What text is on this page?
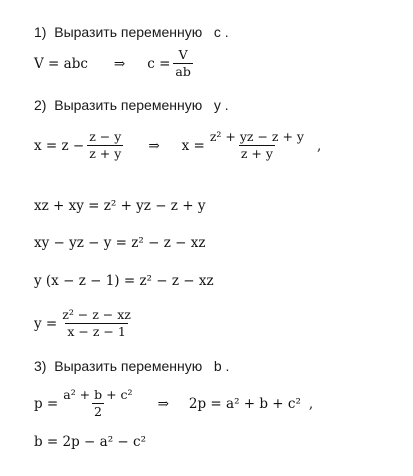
1)  Выразить переменную   c .
V = abc ⇒ $c = \frac{V}{ab}$
2)  Выразить переменную   y .
$x = z - \frac{z - y}{z + y}$ ⇒ $x = \frac{\text{z² + yz − z + y}}{z + y}$ ,
xz + xy = z² + yz − z + y
xy − yz − y = z² − z − xz
y (x − z − 1) = z² − z − xz
$y = \frac{\text{z² − z − xz}}{x - z - 1}$
3)  Выразить переменную   b .
$p = \frac{\text{a² + b + c²}}{2}$ ⇒ 2p = a² + b + c² ,
b = 2p − a² − c²
